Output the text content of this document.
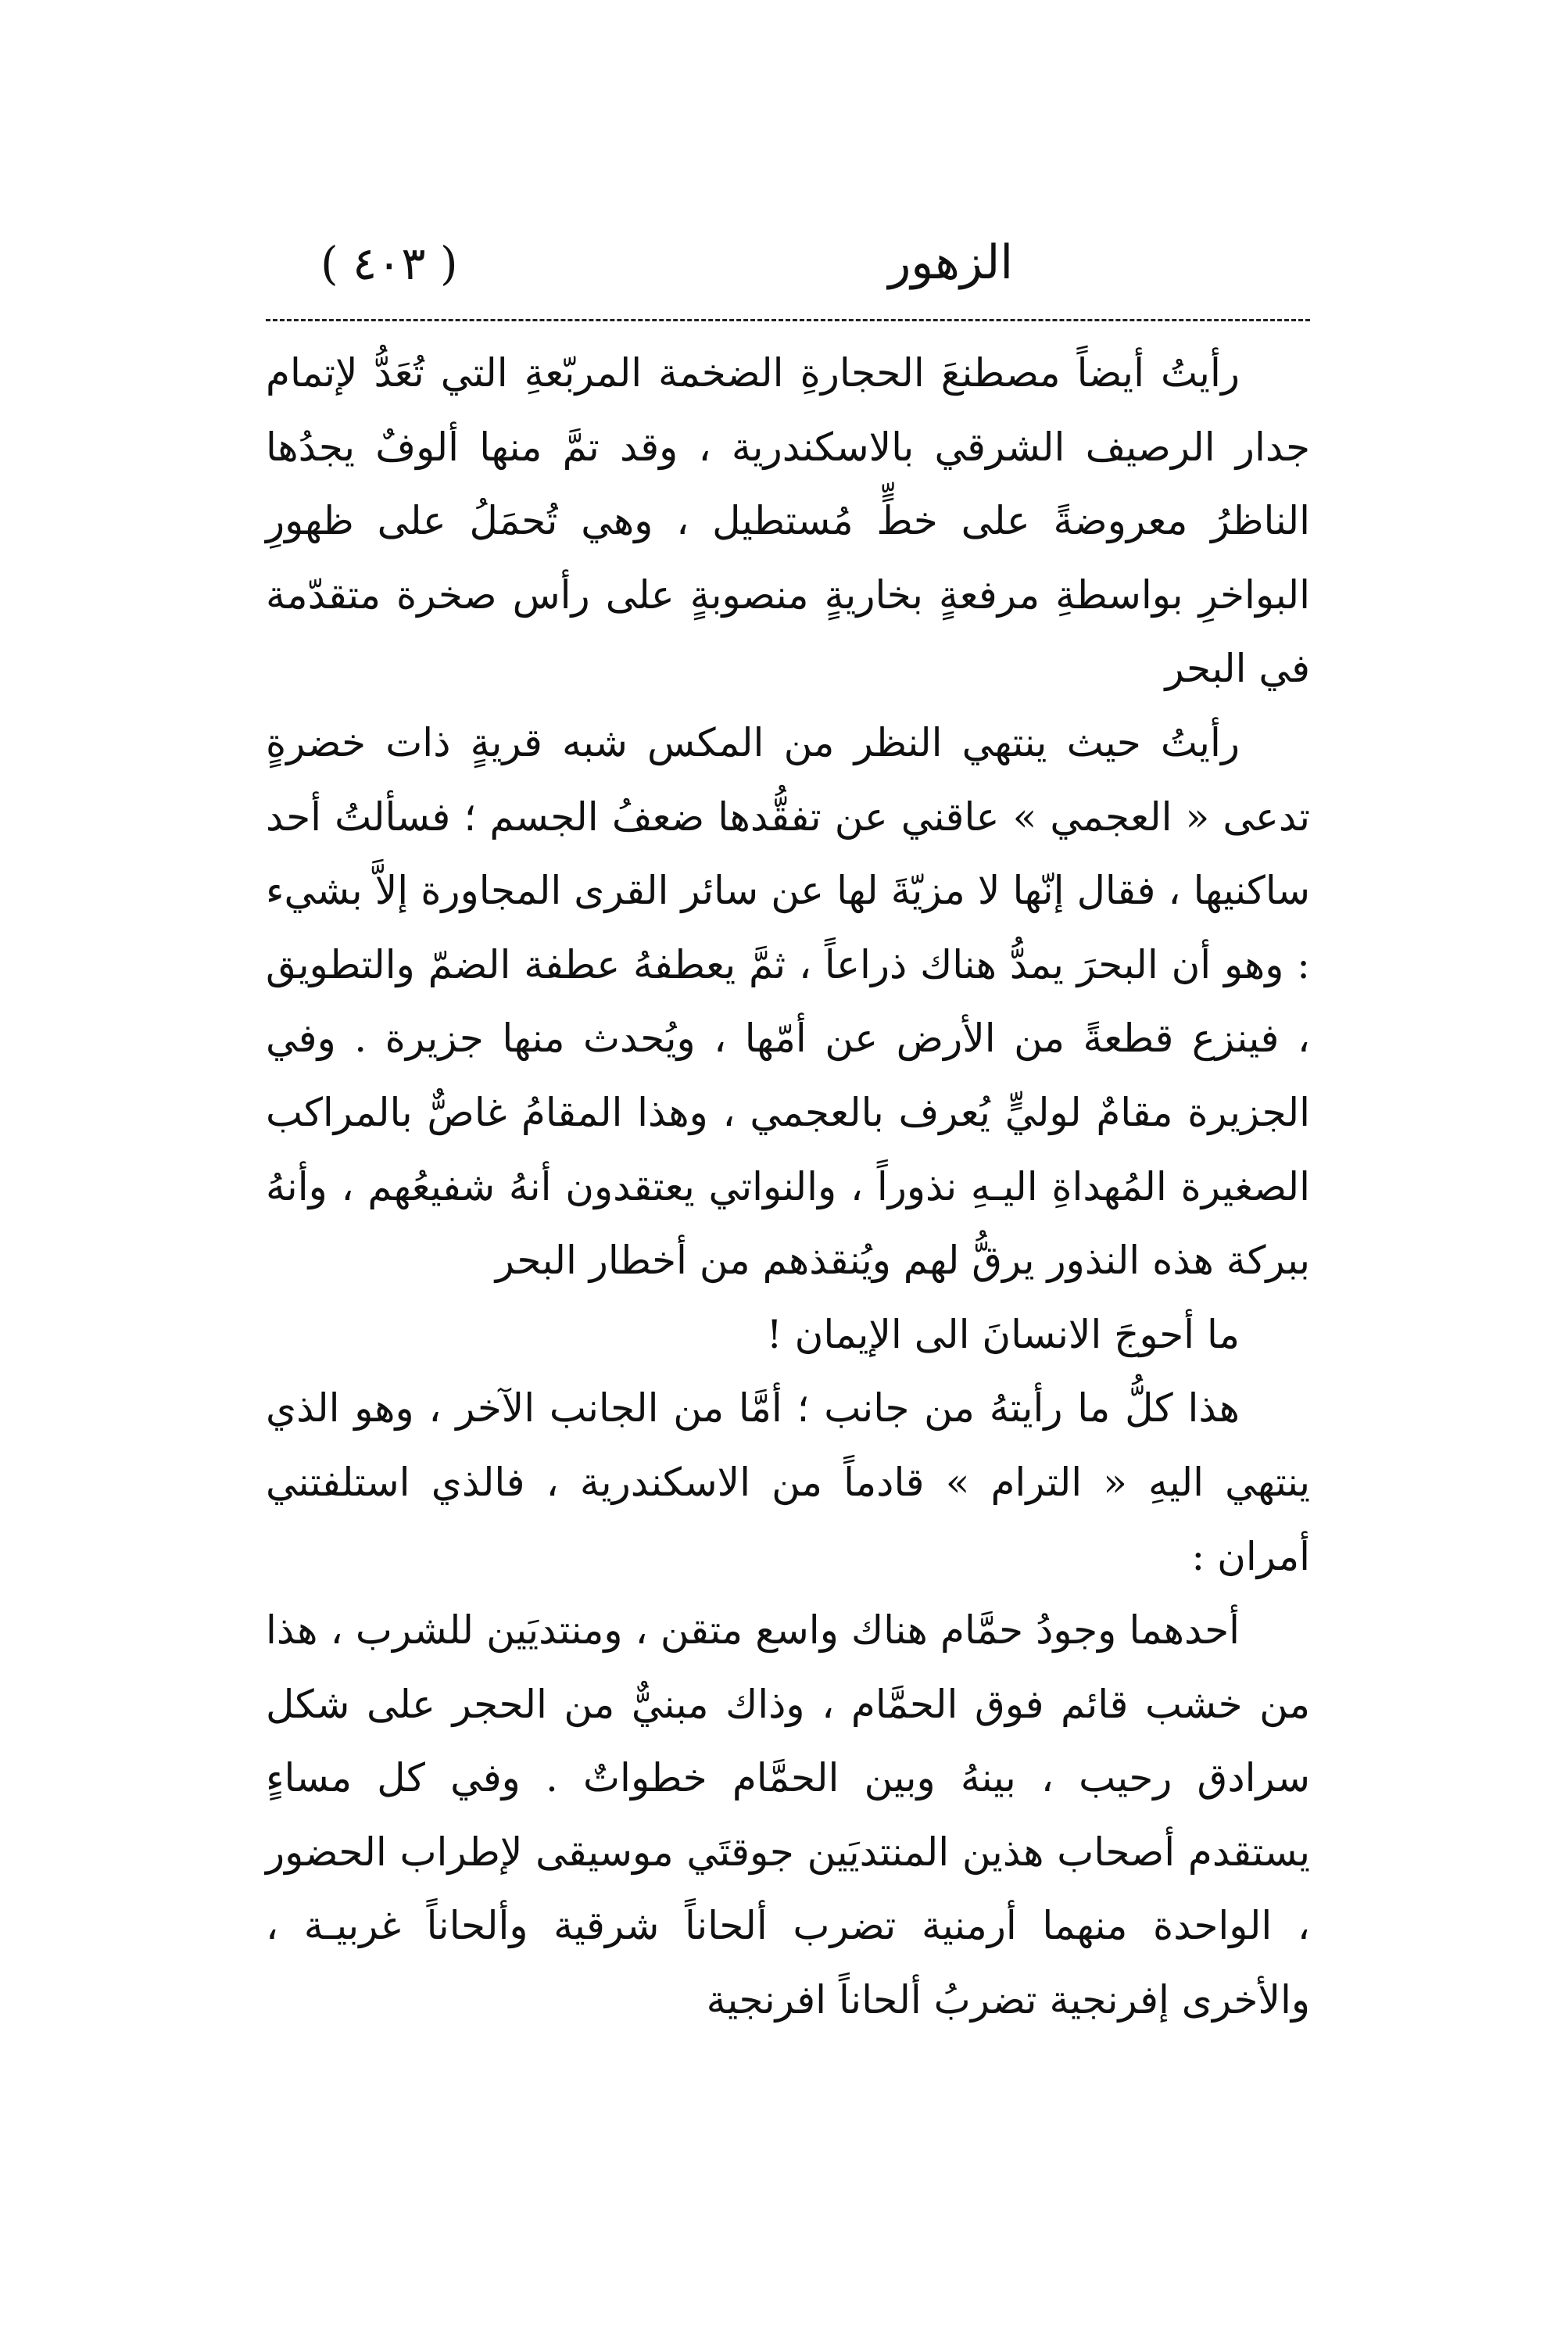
( ٤٠٣ )	الزهور

رأيتُ أيضاً مصطنعَ الحجارةِ الضخمة المربّعةِ التي تُعَدُّ لإتمام جدار الرصيف الشرقي بالاسكندرية ، وقد تمَّ منها ألوفٌ يجدُها الناظرُ معروضةً على خطٍّ مُستطيل ، وهي تُحمَلُ على ظهورِ البواخرِ بواسطةِ مرفعةٍ بخاريةٍ منصوبةٍ على رأس صخرة متقدّمة في البحر

رأيتُ حيث ينتهي النظر من المكس شبه قريةٍ ذات خضرةٍ تدعى « العجمي » عاقني عن تفقُّدها ضعفُ الجسم ؛ فسألتُ أحد ساكنيها ، فقال إنّها لا مزيّةَ لها عن سائر القرى المجاورة إلاَّ بشيء : وهو أن البحرَ يمدُّ هناك ذراعاً ، ثمَّ يعطفهُ عطفة الضمّ والتطويق ، فينزع قطعةً من الأرض عن أمّها ، ويُحدث منها جزيرة . وفي الجزيرة مقامٌ لوليٍّ يُعرف بالعجمي ، وهذا المقامُ غاصٌّ بالمراكب الصغيرة المُهداةِ اليـهِ نذوراً ، والنواتي يعتقدون أنهُ شفيعُهم ، وأنهُ ببركة هذه النذور يرقُّ لهم ويُنقذهم من أخطار البحر

ما أحوجَ الانسانَ الى الإيمان !

هذا كلُّ ما رأيتهُ من جانب ؛ أمَّا من الجانب الآخر ، وهو الذي ينتهي اليهِ « الترام » قادماً من الاسكندرية ، فالذي استلفتني أمران :

أحدهما وجودُ حمَّام هناك واسع متقن ، ومنتديَين للشرب ، هذا من خشب قائم فوق الحمَّام ، وذاك مبنيٌّ من الحجر على شكل سرادق رحيب ، بينهُ وبين الحمَّام خطواتٌ . وفي كل مساءٍ يستقدم أصحاب هذين المنتديَين جوقتَي موسيقى لإطراب الحضور ، الواحدة منهما أرمنية تضرب ألحاناً شرقية وألحاناً غربيـة ، والأخرى إفرنجية تضربُ ألحاناً افرنجية
